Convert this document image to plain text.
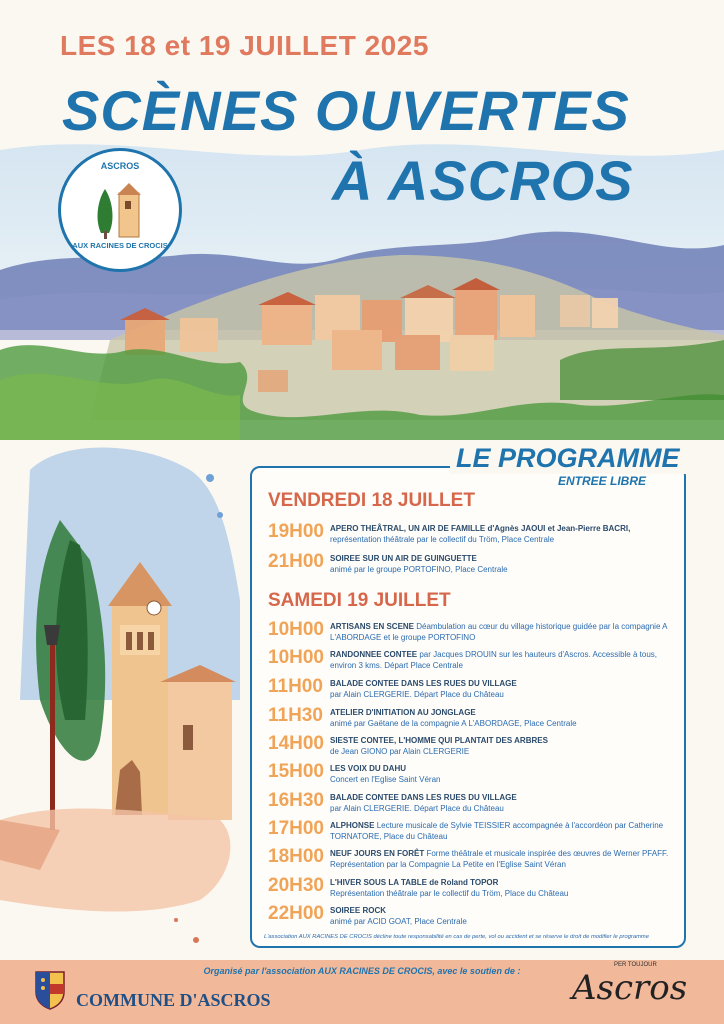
LES 18 et 19 JUILLET 2025
SCÈNES OUVERTES
À ASCROS
ASCROS
AUX RACINES DE CROCIS
LE PROGRAMME
ENTREE LIBRE
VENDREDI 18 JUILLET
19H00 APERO THEÂTRAL, UN AIR DE FAMILLE d'Agnès JAOUI et Jean-Pierre BACRI,
représentation théâtrale par le collectif du Tröm, Place Centrale
21H00 SOIREE SUR UN AIR DE GUINGUETTE
animé par le groupe PORTOFINO, Place Centrale
SAMEDI 19 JUILLET
10H00 ARTISANS EN SCENE Déambulation au cœur du village historique guidée par la compagnie A L'ABORDAGE et le groupe PORTOFINO
10H00 RANDONNEE CONTEE par Jacques DROUIN sur les hauteurs d'Ascros. Accessible à tous, environ 3 kms. Départ Place Centrale
11H00 BALADE CONTEE DANS LES RUES DU VILLAGE
par Alain CLERGERIE. Départ Place du Château
11H30 ATELIER D'INITIATION AU JONGLAGE
animé par Gaëtane de la compagnie A L'ABORDAGE, Place Centrale
14H00 SIESTE CONTEE, L'HOMME QUI PLANTAIT DES ARBRES
de Jean GIONO par Alain CLERGERIE
15H00 LES VOIX DU DAHU
Concert en l'Eglise Saint Véran
16H30 BALADE CONTEE DANS LES RUES DU VILLAGE
par Alain CLERGERIE. Départ Place du Château
17H00 ALPHONSE Lecture musicale de Sylvie TEISSIER accompagnée à l'accordéon par Catherine TORNATORE, Place du Château
18H00 NEUF JOURS EN FORÊT Forme théâtrale et musicale inspirée des œuvres de Werner PFAFF. Représentation par la Compagnie La Petite en l'Eglise Saint Véran
20H30 L'HIVER SOUS LA TABLE de Roland TOPOR
Représentation théâtrale par le collectif du Tröm, Place du Château
22H00 SOIREE ROCK
animé par ACID GOAT, Place Centrale
L'association AUX RACINES DE CROCIS décline toute responsabilité en cas de perte, vol ou accident et se réserve le droit de modifier le programme
Organisé par l'association AUX RACINES DE CROCIS, avec le soutien de :
COMMUNE D'ASCROS
PER TOUJOUR
Ascros
